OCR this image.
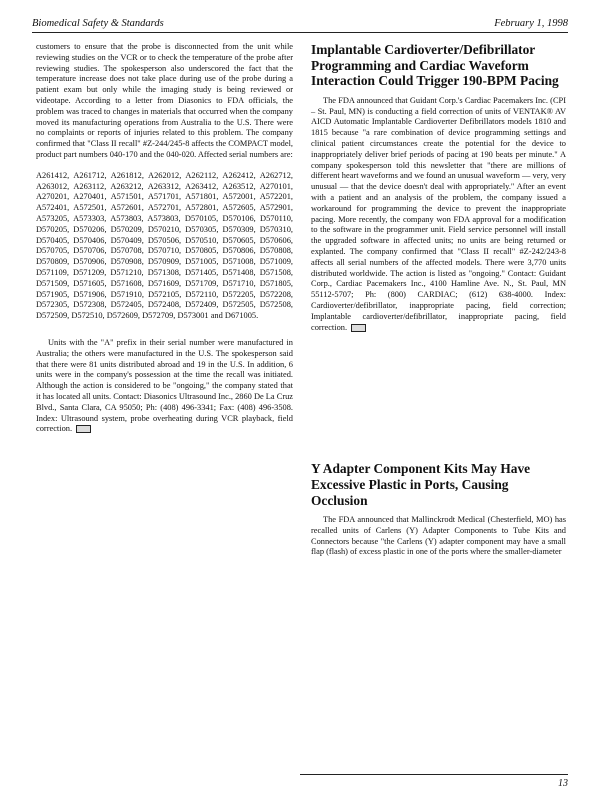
Biomedical Safety & Standards	February 1, 1998

customers to ensure that the probe is disconnected from the unit while reviewing studies on the VCR or to check the temperature of the probe after reviewing studies. The spokesperson also underscored the fact that the temperature increase does not take place during use of the probe during a patient exam but only while the imaging study is being reviewed or videotape. According to a letter from Diasonics to FDA officials, the problem was traced to changes in materials that occurred when the company moved its manufacturing operations from Australia to the U.S. There were no complaints or reports of injuries related to this problem. The company confirmed that "Class II recall" #Z-244/245-8 affects the COMPACT model, product part numbers 040-170 and the 040-020. Affected serial numbers are:

A261412, A261712, A261812, A262012, A262112, A262412, A262712, A263012, A263112, A263212, A263312, A263412, A263512, A270101, A270201, A270401, A571501, A571701, A571801, A572001, A572201, A572401, A572501, A572601, A572701, A572801, A572605, A572901, A573205, A573303, A573803, A573803, D570105, D570106, D570110, D570205, D570206, D570209, D570210, D570305, D570309, D570310, D570405, D570406, D570409, D570506, D570510, D570605, D570606, D570705, D570706, D570708, D570710, D570805, D570806, D570808, D570809, D570906, D570908, D570909, D571005, D571008, D571009, D571109, D571209, D571210, D571308, D571405, D571408, D571508, D571509, D571605, D571608, D571609, D571709, D571710, D571805, D571905, D571906, D571910, D572105, D572110, D572205, D572208, D572305, D572308, D572405, D572408, D572409, D572505, D572508, D572509, D572510, D572609, D572709, D573001 and D671005.

Units with the "A" prefix in their serial number were manufactured in Australia; the others were manufactured in the U.S. The spokesperson said that there were 81 units distributed abroad and 19 in the U.S. In addition, 6 units were in the company's possession at the time the recall was initiated. Although the action is considered to be "ongoing," the company stated that it has located all units. Contact: Diasonics Ultrasound Inc., 2860 De La Cruz Blvd., Santa Clara, CA 95050; Ph: (408) 496-3341; Fax: (408) 496-3508. Index: Ultrasound system, probe overheating during VCR playback, field correction.

Implantable Cardioverter/Defibrillator Programming and Cardiac Waveform Interaction Could Trigger 190-BPM Pacing

The FDA announced that Guidant Corp.'s Cardiac Pacemakers Inc. (CPI – St. Paul, MN) is conducting a field correction of units of VENTAK® AV AICD Automatic Implantable Cardioverter Defibrillators models 1810 and 1815 because "a rare combination of device programming settings and clinical patient circumstances create the potential for the device to inappropriately deliver brief periods of pacing at 190 beats per minute." A company spokesperson told this newsletter that "there are millions of different heart waveforms and we found an unusual waveform — very, very unusual — that the device doesn't deal with appropriately." After an event with a patient and an analysis of the problem, the company issued a workaround for programming the device to prevent the inappropriate pacing. More recently, the company won FDA approval for a modification to the software in the programmer unit. Field service personnel will install the upgraded software in affected units; no units are being returned or explanted. The company confirmed that "Class II recall" #Z-242/243-8 affects all serial numbers of the affected models. There were 3,770 units distributed worldwide. The action is listed as "ongoing." Contact: Guidant Corp., Cardiac Pacemakers Inc., 4100 Hamline Ave. N., St. Paul, MN 55112-5707; Ph: (800) CARDIAC; (612) 638-4000. Index: Cardioverter/defibrillator, inappropriate pacing, field correction; Implantable cardioverter/defibrillator, inappropriate pacing, field correction.

Y Adapter Component Kits May Have Excessive Plastic in Ports, Causing Occlusion

The FDA announced that Mallinckrodt Medical (Chesterfield, MO) has recalled units of Carlens (Y) Adapter Components to Tube Kits and Connectors because "the Carlens (Y) adapter component may have a small flap (flash) of excess plastic in one of the ports where the smaller-diameter

13
